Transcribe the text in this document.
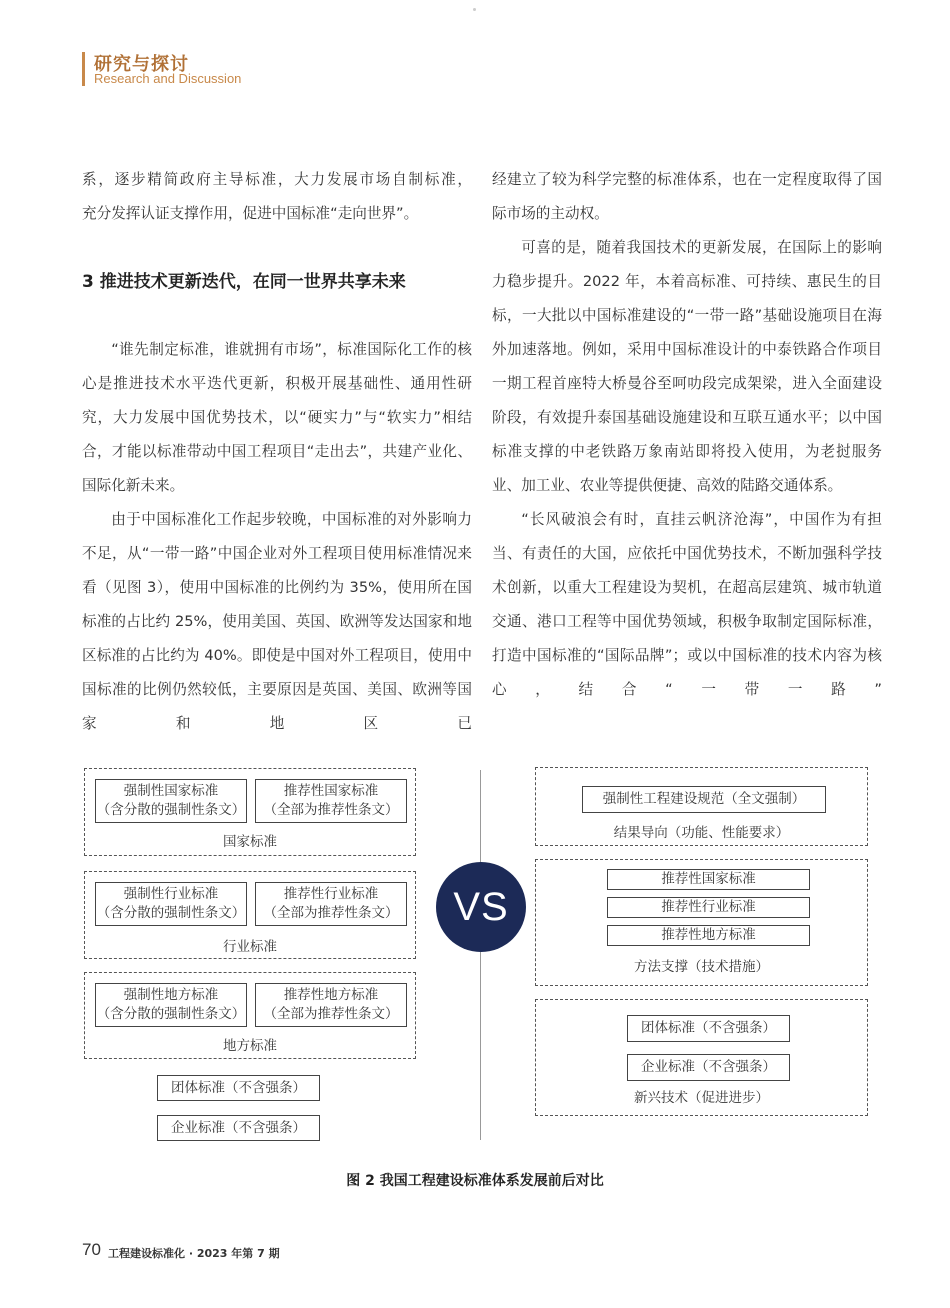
研究与探讨
Research and Discussion

系，逐步精简政府主导标准，大力发展市场自制标准，

充分发挥认证支撑作用，促进中国标准“走向世界”。

3 推进技术更新迭代，在同一世界共享未来

“谁先制定标准，谁就拥有市场”，标准国际化工作的核心是推进技术水平迭代更新，积极开展基础性、通用性研究，大力发展中国优势技术，以“硬实力”与“软实力”相结合，才能以标准带动中国工程项目“走出去”，共建产业化、国际化新未来。

由于中国标准化工作起步较晚，中国标准的对外影响力不足，从“一带一路”中国企业对外工程项目使用标准情况来看（见图 3），使用中国标准的比例约为 35%，使用所在国标准的占比约 25%，使用美国、英国、欧洲等发达国家和地区标准的占比约为 40%。即使是中国对外工程项目，使用中国标准的比例仍然较低，主要原因是英国、美国、欧洲等国家和地区已

经建立了较为科学完整的标准体系，也在一定程度取得了国际市场的主动权。

可喜的是，随着我国技术的更新发展，在国际上的影响力稳步提升。2022 年，本着高标准、可持续、惠民生的目标，一大批以中国标准建设的“一带一路”基础设施项目在海外加速落地。例如，采用中国标准设计的中泰铁路合作项目一期工程首座特大桥曼谷至呵叻段完成架梁，进入全面建设阶段，有效提升泰国基础设施建设和互联互通水平；以中国标准支撑的中老铁路万象南站即将投入使用，为老挝服务业、加工业、农业等提供便捷、高效的陆路交通体系。

“长风破浪会有时，直挂云帆济沧海”，中国作为有担当、有责任的大国，应依托中国优势技术，不断加强科学技术创新，以重大工程建设为契机，在超高层建筑、城市轨道交通、港口工程等中国优势领域，积极争取制定国际标准，打造中国标准的“国际品牌”；或以中国标准的技术内容为核心，结合“一带一路”

强制性国家标准
（含分散的强制性条文）
推荐性国家标准
（全部为推荐性条文）
国家标准
强制性行业标准
（含分散的强制性条文）
推荐性行业标准
（全部为推荐性条文）
行业标准
强制性地方标准
（含分散的强制性条文）
推荐性地方标准
（全部为推荐性条文）
地方标准
团体标准（不含强条）
企业标准（不含强条）
VS
强制性工程建设规范（全文强制）
结果导向（功能、性能要求）
推荐性国家标准
推荐性行业标准
推荐性地方标准
方法支撑（技术措施）
团体标准（不含强条）
企业标准（不含强条）
新兴技术（促进进步）
图 2 我国工程建设标准体系发展前后对比
70 工程建设标准化 · 2023 年第 7 期
